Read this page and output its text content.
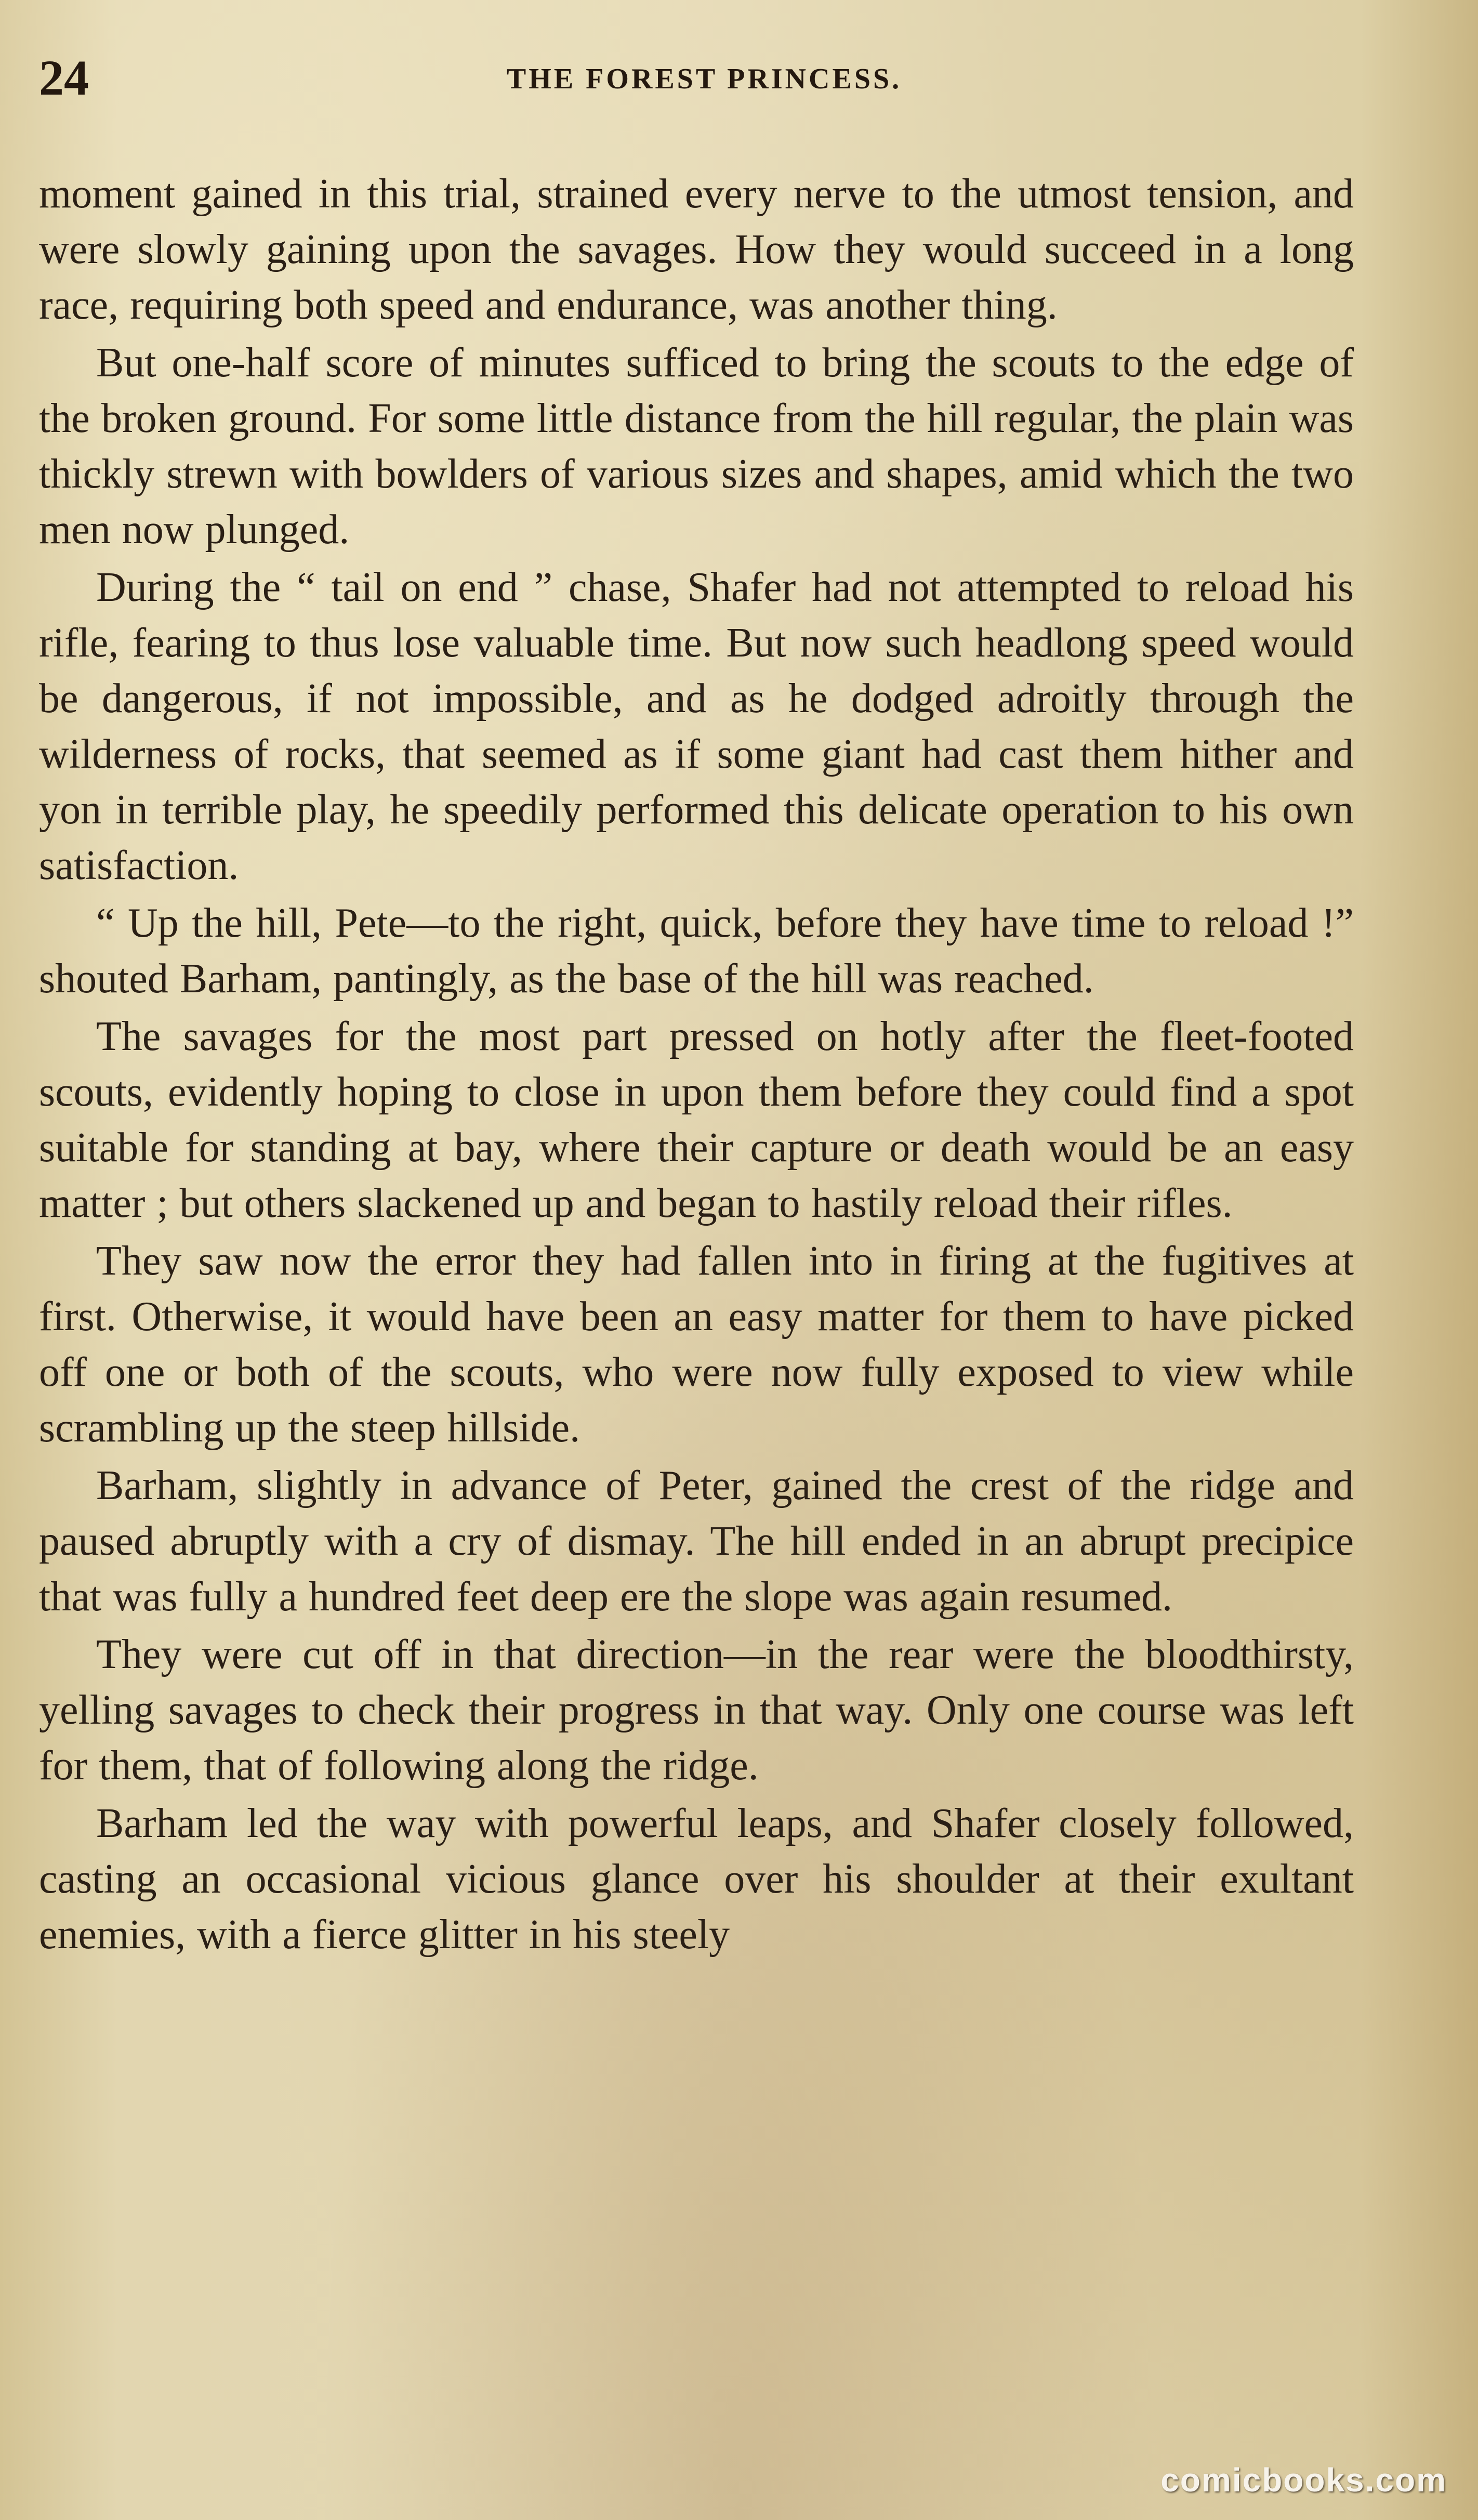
24	THE FOREST PRINCESS.

moment gained in this trial, strained every nerve to the utmost tension, and were slowly gaining upon the savages. How they would succeed in a long race, requiring both speed and endurance, was another thing.

But one-half score of minutes sufficed to bring the scouts to the edge of the broken ground. For some little distance from the hill regular, the plain was thickly strewn with bowlders of various sizes and shapes, amid which the two men now plunged.

During the “ tail on end ” chase, Shafer had not attempted to reload his rifle, fearing to thus lose valuable time. But now such headlong speed would be dangerous, if not impossible, and as he dodged adroitly through the wilderness of rocks, that seemed as if some giant had cast them hither and yon in terrible play, he speedily performed this delicate operation to his own satisfaction.

“ Up the hill, Pete—to the right, quick, before they have time to reload !” shouted Barham, pantingly, as the base of the hill was reached.

The savages for the most part pressed on hotly after the fleet-footed scouts, evidently hoping to close in upon them before they could find a spot suitable for standing at bay, where their capture or death would be an easy matter ; but others slackened up and began to hastily reload their rifles.

They saw now the error they had fallen into in firing at the fugitives at first. Otherwise, it would have been an easy matter for them to have picked off one or both of the scouts, who were now fully exposed to view while scrambling up the steep hillside.

Barham, slightly in advance of Peter, gained the crest of the ridge and paused abruptly with a cry of dismay. The hill ended in an abrupt precipice that was fully a hundred feet deep ere the slope was again resumed.

They were cut off in that direction—in the rear were the bloodthirsty, yelling savages to check their progress in that way. Only one course was left for them, that of following along the ridge.

Barham led the way with powerful leaps, and Shafer closely followed, casting an occasional vicious glance over his shoulder at their exultant enemies, with a fierce glitter in his steely

comicbooks.com
